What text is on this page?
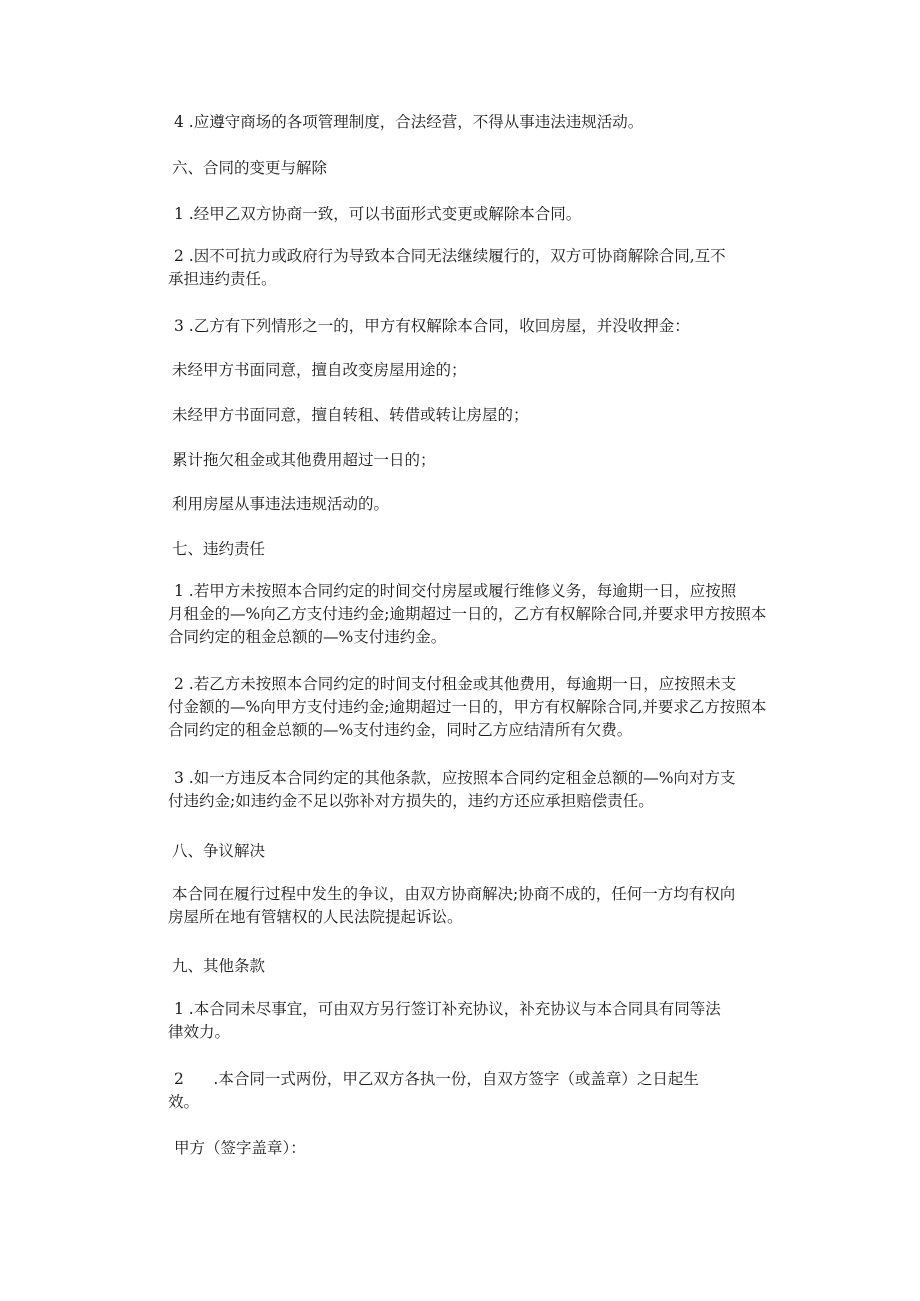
4 .应遵守商场的各项管理制度，合法经营，不得从事违法违规活动。

六、合同的变更与解除

1 .经甲乙双方协商一致，可以书面形式变更或解除本合同。

2 .因不可抗力或政府行为导致本合同无法继续履行的，双方可协商解除合同,互不
承担违约责任。

3 .乙方有下列情形之一的，甲方有权解除本合同，收回房屋，并没收押金：

未经甲方书面同意，擅自改变房屋用途的；

未经甲方书面同意，擅自转租、转借或转让房屋的；

累计拖欠租金或其他费用超过一日的；

利用房屋从事违法违规活动的。

七、违约责任

1 .若甲方未按照本合同约定的时间交付房屋或履行维修义务，每逾期一日，应按照
月租金的—%向乙方支付违约金;逾期超过一日的，乙方有权解除合同,并要求甲方按照本
合同约定的租金总额的—%支付违约金。

2 .若乙方未按照本合同约定的时间支付租金或其他费用，每逾期一日，应按照未支
付金额的—%向甲方支付违约金;逾期超过一日的，甲方有权解除合同,并要求乙方按照本
合同约定的租金总额的—%支付违约金，同时乙方应结清所有欠费。

3 .如一方违反本合同约定的其他条款，应按照本合同约定租金总额的—%向对方支
付违约金;如违约金不足以弥补对方损失的，违约方还应承担赔偿责任。

八、争议解决

本合同在履行过程中发生的争议，由双方协商解决;协商不成的，任何一方均有权向
房屋所在地有管辖权的人民法院提起诉讼。

九、其他条款

1 .本合同未尽事宜，可由双方另行签订补充协议，补充协议与本合同具有同等法
律效力。

2      .本合同一式两份，甲乙双方各执一份，自双方签字（或盖章）之日起生
效。

甲方（签字盖章）：
